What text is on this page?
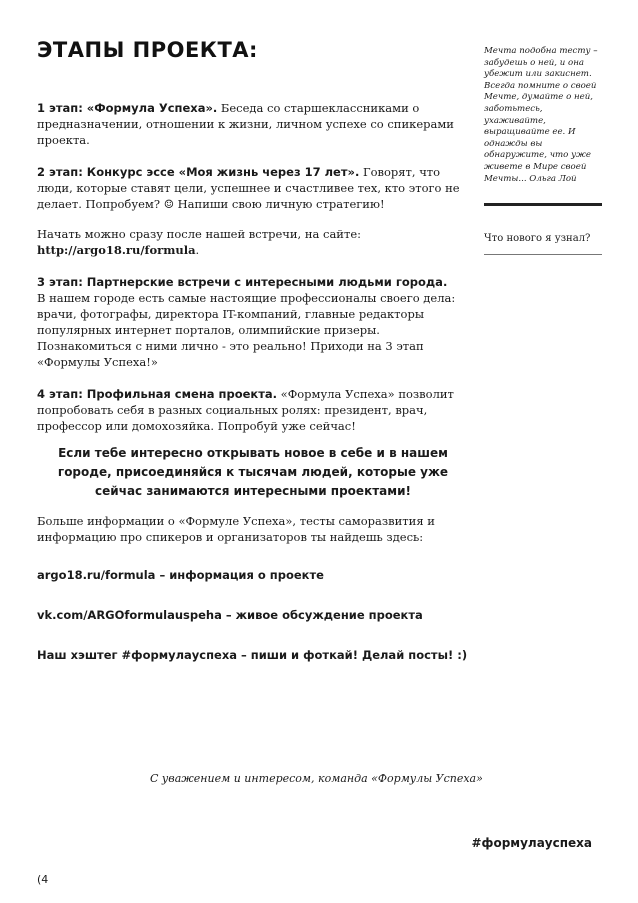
ЭТАПЫ ПРОЕКТА:

1 этап: «Формула Успеха». Беседа со старшеклассниками о предназначении, отношении к жизни, личном успехе со спикерами проекта.

2 этап: Конкурс эссе «Моя жизнь через 17 лет». Говорят, что люди, которые ставят цели, успешнее и счастливее тех, кто этого не делает. Попробуем? ☺ Напиши свою личную стратегию!

Начать можно сразу после нашей встречи, на сайте:
http://argo18.ru/formula.

3 этап: Партнерские встречи с интересными людьми города.
В нашем городе есть самые настоящие профессионалы своего дела: врачи, фотографы, директора IT-компаний, главные редакторы популярных интернет порталов, олимпийские призеры. Познакомиться с ними лично - это реально! Приходи на 3 этап «Формулы Успеха!»

4 этап: Профильная смена проекта. «Формула Успеха» позволит попробовать себя в разных социальных ролях: президент, врач, профессор или домохозяйка. Попробуй уже сейчас!

Если тебе интересно открывать новое в себе и в нашем городе, присоединяйся к тысячам людей, которые уже сейчас занимаются интересными проектами!

Больше информации о «Формуле Успеха», тесты саморазвития и информацию про спикеров и организаторов ты найдешь здесь:

argo18.ru/formula – информация о проекте

vk.com/ARGOformulauspeha – живое обсуждение проекта

Наш хэштег #формулауспеха – пиши и фоткай! Делай посты! :)

С уважением и интересом, команда «Формулы Успеха»
Мечта подобна тесту – забудешь о ней, и она убежит или закиснет. Всегда помните о своей Мечте, думайте о ней, заботьтесь, ухаживайте, выращивайте ее. И однажды вы обнаружите, что уже живете в Мире своей Мечты... Ольга Лой
Что нового я узнал?
#формулауспеха
(4
